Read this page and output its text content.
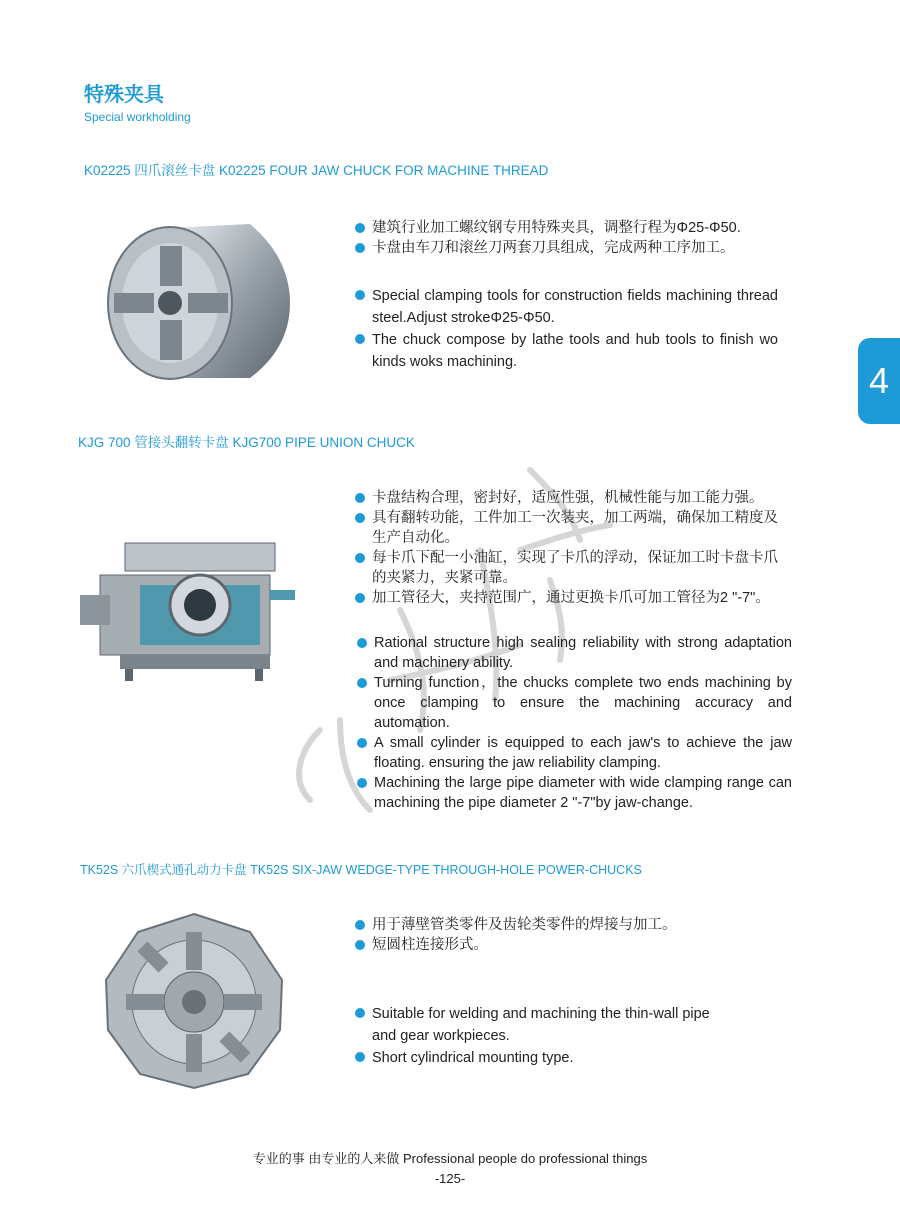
特殊夹具
Special workholding
4
K02225 四爪滚丝卡盘 K02225 FOUR JAW CHUCK FOR MACHINE THREAD
建筑行业加工螺纹钢专用特殊夹具，调整行程为Φ25-Φ50.
卡盘由车刀和滚丝刀两套刀具组成，完成两种工序加工。
Special clamping tools for construction fields machining thread steel.Adjust strokeΦ25-Φ50.
The chuck compose by lathe tools and hub tools to finish wo kinds woks machining.
KJG 700 管接头翻转卡盘 KJG700 PIPE UNION CHUCK
卡盘结构合理，密封好，适应性强，机械性能与加工能力强。
具有翻转功能，工件加工一次装夹，加工两端，确保加工精度及生产自动化。
每卡爪下配一小油缸，实现了卡爪的浮动，保证加工时卡盘卡爪的夹紧力，夹紧可靠。
加工管径大，夹持范围广，通过更换卡爪可加工管径为2 "-7"。
Rational structure high sealing reliability with strong adaptation and machinery ability.
Turning function，the chucks complete two ends machining by once clamping to ensure the machining accuracy and automation.
A small cylinder is equipped to each jaw's to achieve the jaw floating. ensuring the jaw reliability clamping.
Machining the large pipe diameter with wide clamping range can machining the pipe diameter 2 "-7"by jaw-change.
TK52S 六爪楔式通孔动力卡盘 TK52S SIX-JAW WEDGE-TYPE THROUGH-HOLE POWER-CHUCKS
用于薄壁管类零件及齿轮类零件的焊接与加工。
短圆柱连接形式。
Suitable for welding and machining the thin-wall pipe and gear workpieces.
Short cylindrical mounting type.
专业的事 由专业的人来做 Professional people do professional things
-125-
